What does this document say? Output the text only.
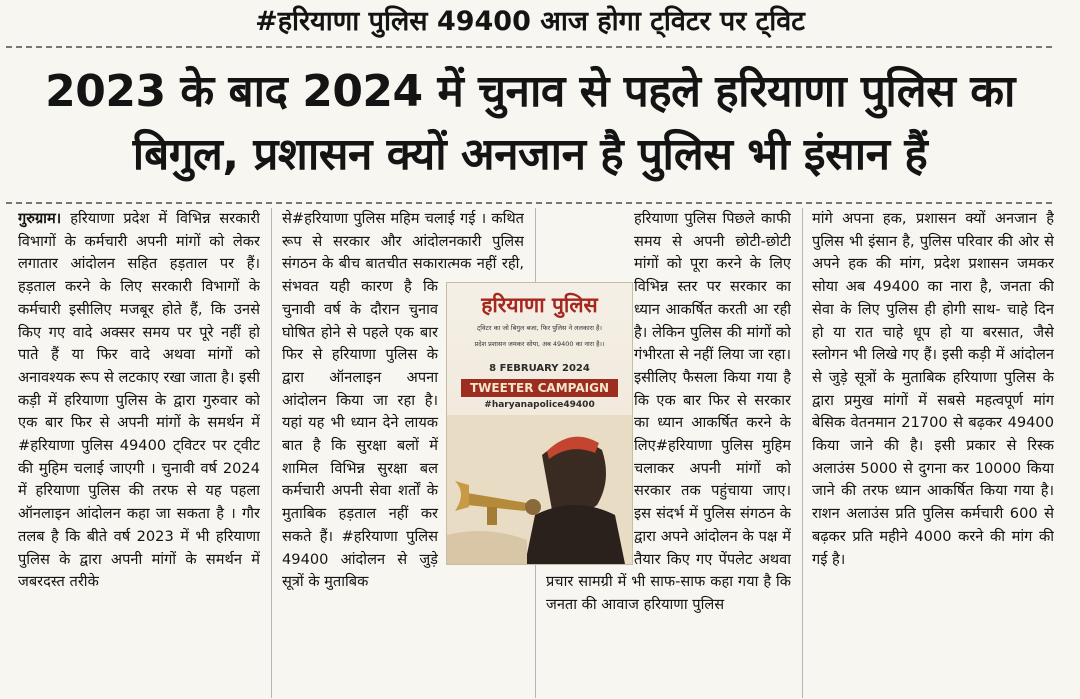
#हरियाणा पुलिस 49400 आज होगा ट्विटर पर ट्विट
2023 के बाद 2024 में चुनाव से पहले हरियाणा पुलिस का
बिगुल, प्रशासन क्यों अनजान है पुलिस भी इंसान हैं

गुरुग्राम। हरियाणा प्रदेश में विभिन्न सरकारी विभागों के कर्मचारी अपनी मांगों को लेकर लगातार आंदोलन सहित हड़ताल पर हैं। हड़ताल करने के लिए सरकारी विभागों के कर्मचारी इसीलिए मजबूर होते हैं, कि उनसे किए गए वादे अक्सर समय पर पूरे नहीं हो पाते हैं या फिर वादे अथवा मांगों को अनावश्यक रूप से लटकाए रखा जाता है। इसी कड़ी में हरियाणा पुलिस के द्वारा गुरुवार को एक बार फिर से अपनी मांगों के समर्थन में #हरियाणा पुलिस 49400 ट्विटर पर ट्वीट की मुहिम चलाई जाएगी । चुनावी वर्ष 2024 में हरियाणा पुलिस की तरफ से यह पहला ऑनलाइन आंदोलन कहा जा सकता है । गौर तलब है कि बीते वर्ष 2023 में भी हरियाणा पुलिस के द्वारा अपनी मांगों के समर्थन में जबरदस्त तरीके

से#हरियाणा पुलिस महिम चलाई गई । कथित रूप से सरकार और आंदोलनकारी पुलिस संगठन के बीच बातचीत सकारात्मक नहीं रही, संभवत यही कारण है कि चुनावी वर्ष के दौरान चुनाव घोषित होने से पहले एक बार फिर से हरियाणा पुलिस के द्वारा ऑनलाइन अपना आंदोलन किया जा रहा है। यहां यह भी ध्यान देने लायक बात है कि सुरक्षा बलों में शामिल विभिन्न सुरक्षा बल कर्मचारी अपनी सेवा शर्तों के मुताबिक हड़ताल नहीं कर सकते हैं। #हरियाणा पुलिस 49400 आंदोलन से जुड़े सूत्रों के मुताबिक

हरियाणा पुलिस पिछले काफी समय से अपनी छोटी-छोटी मांगों को पूरा करने के लिए विभिन्न स्तर पर सरकार का ध्यान आकर्षित करती आ रही है। लेकिन पुलिस की मांगों को गंभीरता से नहीं लिया जा रहा। इसीलिए फैसला किया गया है कि एक बार फिर से सरकार का ध्यान आकर्षित करने के लिए#हरियाणा पुलिस मुहिम चलाकर अपनी मांगों को सरकार तक पहुंचाया जाए। इस संदर्भ में पुलिस संगठन के द्वारा अपने आंदोलन के पक्ष में तैयार किए गए पेंपलेट अथवा प्रचार सामग्री में भी साफ-साफ कहा गया है कि जनता की आवाज हरियाणा पुलिस

मांगे अपना हक, प्रशासन क्यों अनजान है पुलिस भी इंसान है, पुलिस परिवार की ओर से अपने हक की मांग, प्रदेश प्रशासन जमकर सोया अब 49400 का नारा है, जनता की सेवा के लिए पुलिस ही होगी साथ- चाहे दिन हो या रात चाहे धूप हो या बरसात, जैसे स्लोगन भी लिखे गए हैं। इसी कड़ी में आंदोलन से जुड़े सूत्रों के मुताबिक हरियाणा पुलिस के द्वारा प्रमुख मांगों में सबसे महत्वपूर्ण मांग बेसिक वेतनमान 21700 से बढ़कर 49400 किया जाने की है। इसी प्रकार से रिस्क अलाउंस 5000 से दुगना कर 10000 किया जाने की तरफ ध्यान आकर्षित किया गया है। राशन अलाउंस प्रति पुलिस कर्मचारी 600 से बढ़कर प्रति महीने 4000 करने की मांग की गई है।

हरियाणा पुलिस
ट्विटर का जो बिगुल बजा, फिर पुलिस ने ललकारा है।
प्रदेश प्रशासन जमकर सोया, अब 49400 का नारा है।।
8 FEBRUARY 2024
TWEETER CAMPAIGN
#haryanapolice49400
